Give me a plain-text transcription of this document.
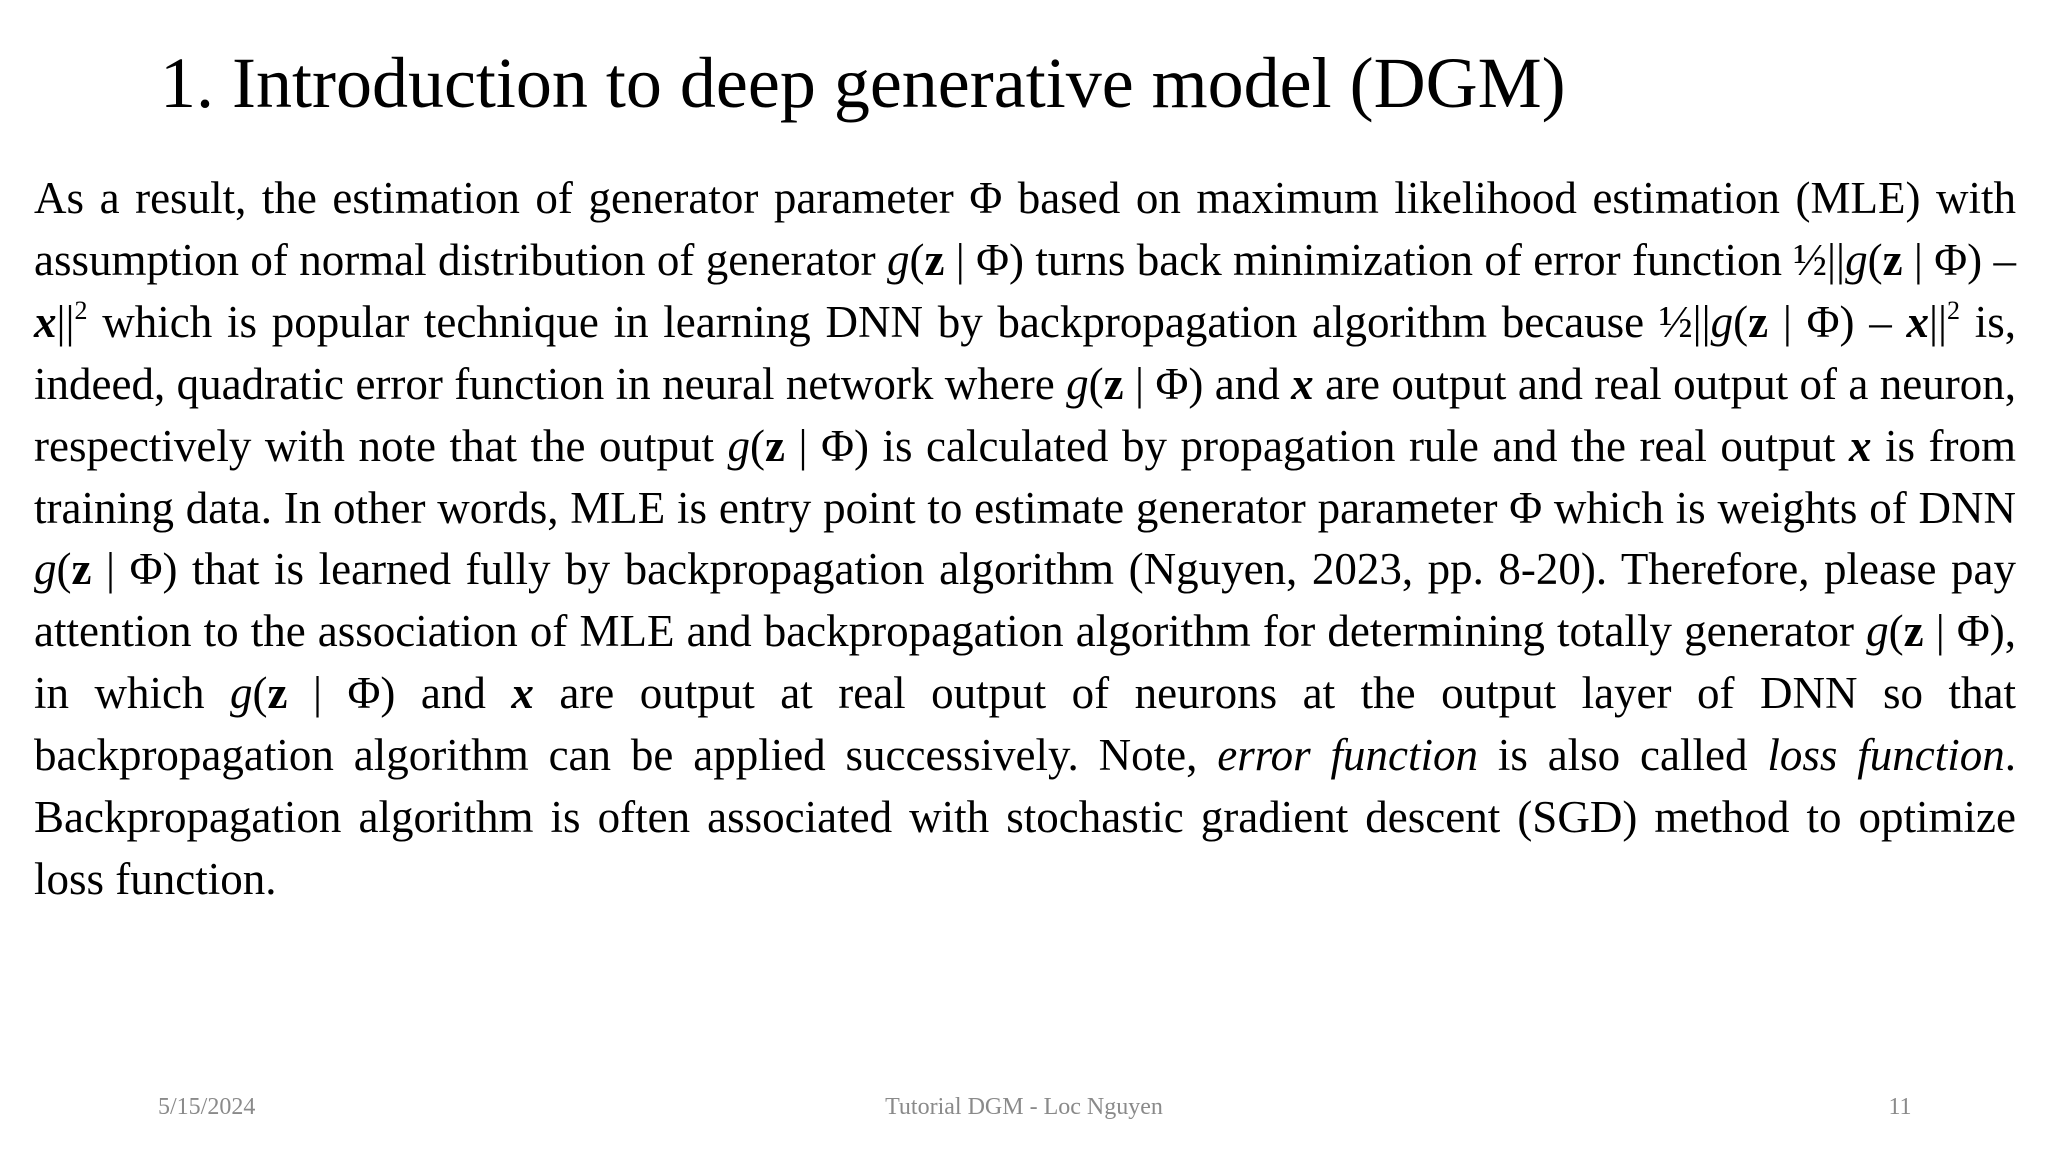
1. Introduction to deep generative model (DGM)

As a result, the estimation of generator parameter Φ based on maximum likelihood estimation (MLE) with assumption of normal distribution of generator g(z | Φ) turns back minimization of error function ½||g(z | $\Phi) - x||^2$ which is popular technique in learning DNN by backpropagation algorithm because ½||g(z | $\Phi) - x||^2$ is, indeed, quadratic error function in neural network where g(z | Φ) and x are output and real output of a neuron, respectively with note that the output g(z | Φ) is calculated by propagation rule and the real output x is from training data. In other words, MLE is entry point to estimate generator parameter Φ which is weights of DNN g(z | Φ) that is learned fully by backpropagation algorithm (Nguyen, 2023, pp. 8-20). Therefore, please pay attention to the association of MLE and backpropagation algorithm for determining totally generator g(z | Φ), in which g(z | Φ) and x are output at real output of neurons at the output layer of DNN so that backpropagation algorithm can be applied successively. Note, error function is also called loss function. Backpropagation algorithm is often associated with stochastic gradient descent (SGD) method to optimize loss function.

5/15/2024	Tutorial DGM - Loc Nguyen	11
